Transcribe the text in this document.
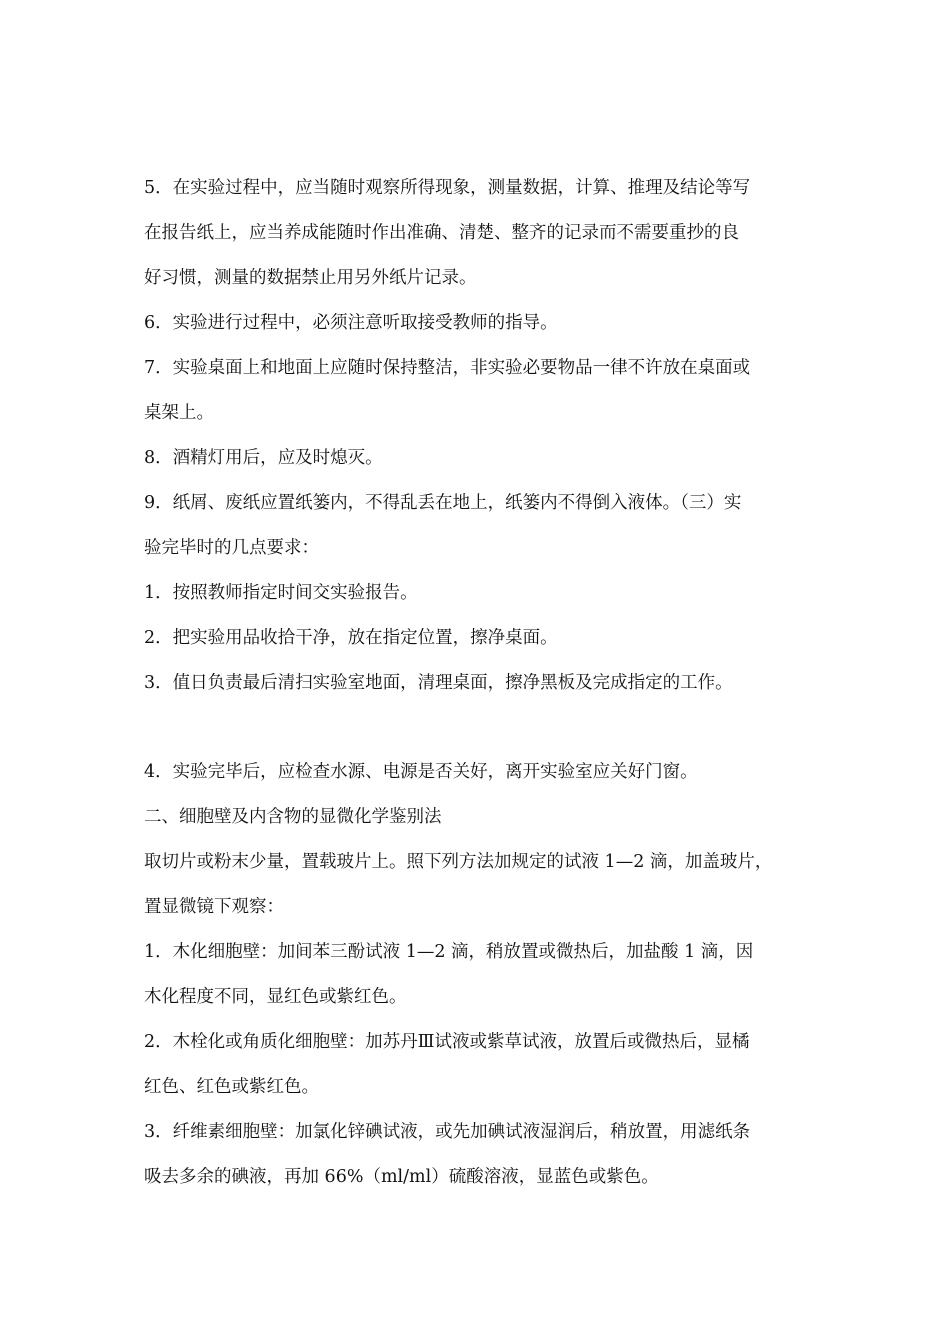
5．在实验过程中，应当随时观察所得现象，测量数据，计算、推理及结论等写

在报告纸上，应当养成能随时作出准确、清楚、整齐的记录而不需要重抄的良

好习惯，测量的数据禁止用另外纸片记录。

6．实验进行过程中，必须注意听取接受教师的指导。

7．实验桌面上和地面上应随时保持整洁，非实验必要物品一律不许放在桌面或

桌架上。

8．酒精灯用后，应及时熄灭。

9．纸屑、废纸应置纸篓内，不得乱丢在地上，纸篓内不得倒入液体。（三）实

验完毕时的几点要求：

1．按照教师指定时间交实验报告。

2．把实验用品收拾干净，放在指定位置，擦净桌面。

3．值日负责最后清扫实验室地面，清理桌面，擦净黑板及完成指定的工作。

4．实验完毕后，应检查水源、电源是否关好，离开实验室应关好门窗。

二、细胞壁及内含物的显微化学鉴别法

取切片或粉末少量，置载玻片上。照下列方法加规定的试液 1—2 滴，加盖玻片，

置显微镜下观察：

1．木化细胞壁：加间苯三酚试液 1—2 滴，稍放置或微热后，加盐酸 1 滴，因

木化程度不同，显红色或紫红色。

2．木栓化或角质化细胞壁：加苏丹Ⅲ试液或紫草试液，放置后或微热后，显橘

红色、红色或紫红色。

3．纤维素细胞壁：加氯化锌碘试液，或先加碘试液湿润后，稍放置，用滤纸条

吸去多余的碘液，再加 66%（ml/ml）硫酸溶液，显蓝色或紫色。
